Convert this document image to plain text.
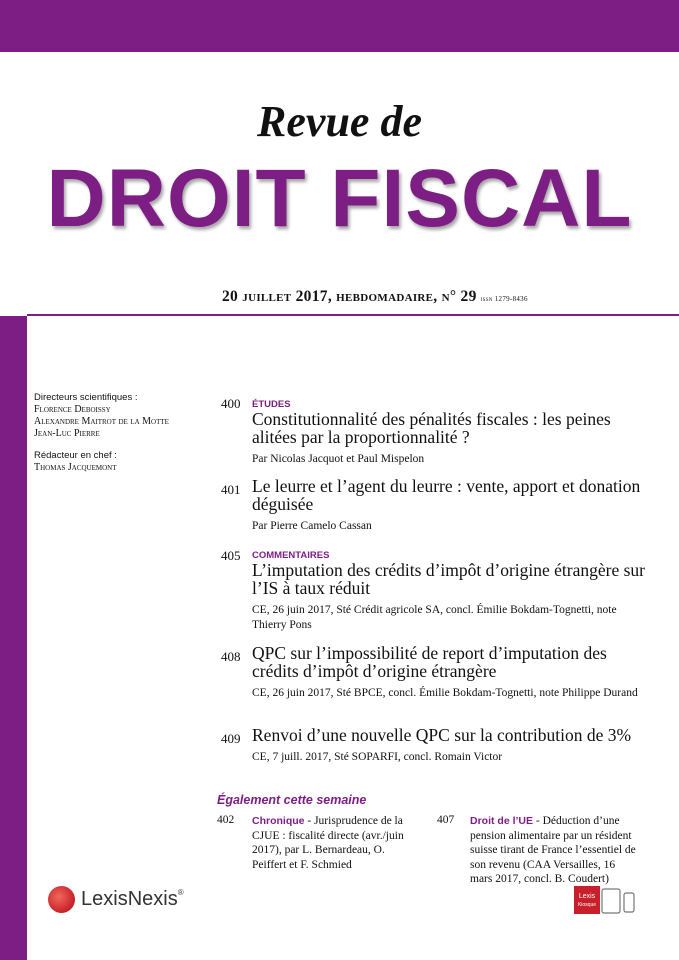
Revue de
DROIT FISCAL
20 juillet 2017, hebdomadaire, n° 29 issn 1279-8436
Directeurs scientifiques :
Florence Deboissy
Alexandre Maitrot de la Motte
Jean-Luc Pierre
Rédacteur en chef :
Thomas Jacquemont
400 ÉTUDES
Constitutionnalité des pénalités fiscales : les peines alitées par la proportionnalité ?
Par Nicolas Jacquot et Paul Mispelon
401 Le leurre et l’agent du leurre : vente, apport et donation déguisée
Par Pierre Camelo Cassan
405 COMMENTAIRES
L’imputation des crédits d’impôt d’origine étrangère sur l’IS à taux réduit
CE, 26 juin 2017, Sté Crédit agricole SA, concl. Émilie Bokdam-Tognetti, note Thierry Pons
408 QPC sur l’impossibilité de report d’imputation des crédits d’impôt d’origine étrangère
CE, 26 juin 2017, Sté BPCE, concl. Émilie Bokdam-Tognetti, note Philippe Durand
409 Renvoi d’une nouvelle QPC sur la contribution de 3%
CE, 7 juill. 2017, Sté SOPARFI, concl. Romain Victor
Également cette semaine
402 Chronique - Jurisprudence de la CJUE : fiscalité directe (avr./juin 2017), par L. Bernardeau, O. Peiffert et F. Schmied
407 Droit de l’UE - Déduction d’une pension alimentaire par un résident suisse tirant de France l’essentiel de son revenu (CAA Versailles, 16 mars 2017, concl. B. Coudert)
LexisNexis ®	Lexis
Kiosque
